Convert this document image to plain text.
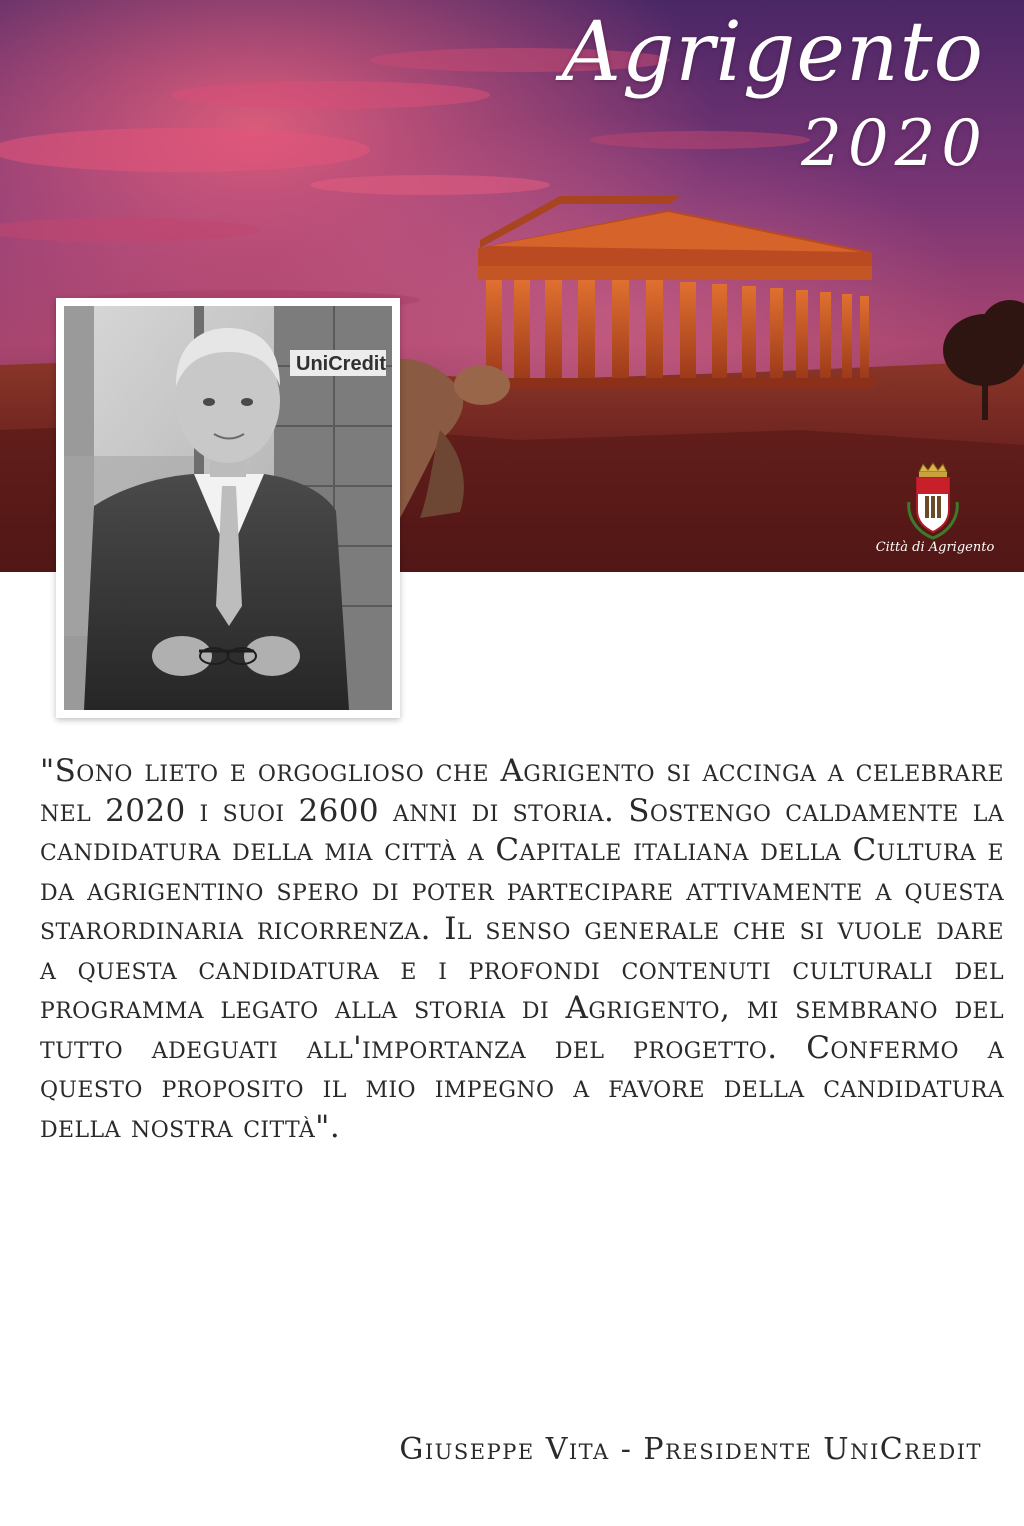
Agrigento
2020
Città di Agrigento
UniCredit

"Sono lieto e orgoglioso che Agrigento si accinga a celebrare nel 2020 i suoi 2600 anni di storia. Sostengo caldamente la candidatura della mia città a Capitale italiana della Cultura e da agrigentino spero di poter partecipare attivamente a questa starordinaria ricorrenza. Il senso generale che si vuole dare a questa candidatura e i profondi contenuti culturali del programma legato alla storia di Agrigento, mi sembrano del tutto adeguati all'importanza del progetto. Confermo a questo proposito il mio impegno a favore della candidatura della nostra città".

Giuseppe Vita - Presidente UniCredit
